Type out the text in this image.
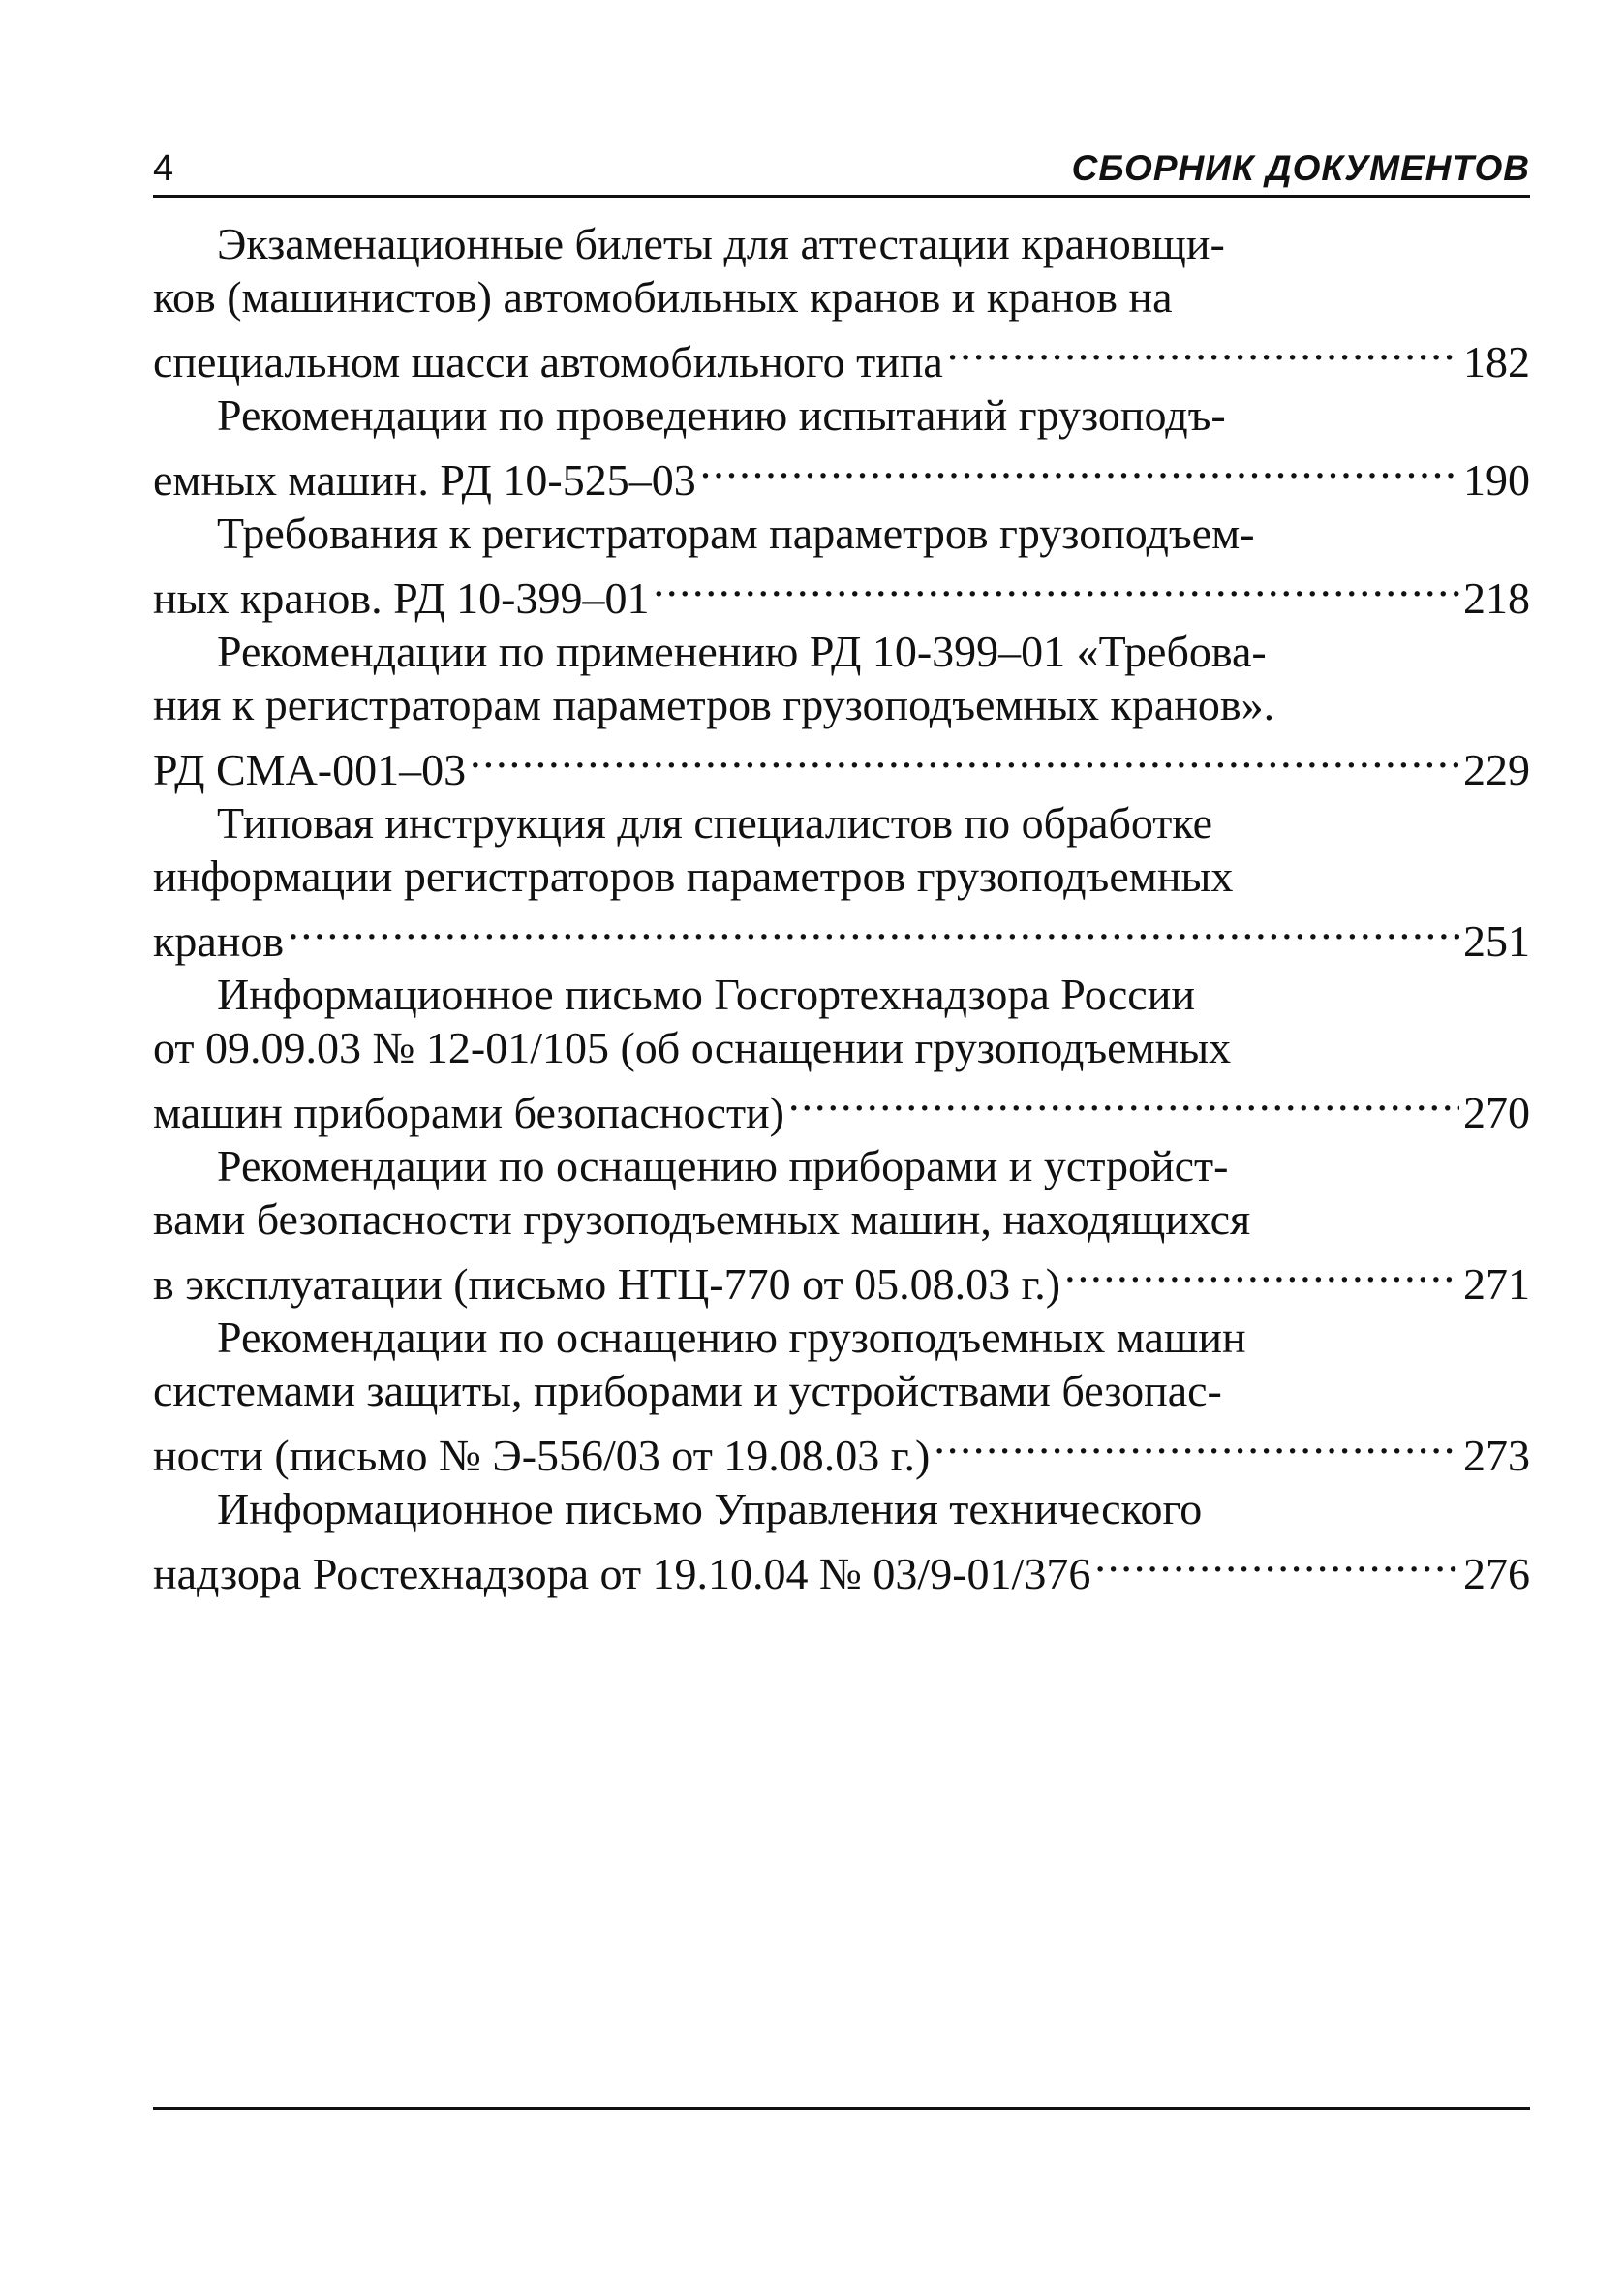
4	СБОРНИК ДОКУМЕНТОВ
Экзаменационные билеты для аттестации крановщи-
ков (машинистов) автомобильных кранов и кранов на
специальном шасси автомобильного типа .....	182
Рекомендации по проведению испытаний грузоподъ-
емных машин. РД 10-525–03 .....	190
Требования к регистраторам параметров грузоподъем-
ных кранов. РД 10-399–01 .....	218
Рекомендации по применению РД 10-399–01 «Требова-
ния к регистраторам параметров грузоподъемных кранов».
РД СМА-001–03 .....	229
Типовая инструкция для специалистов по обработке
информации регистраторов параметров грузоподъемных
кранов .....	251
Информационное письмо Госгортехнадзора России
от 09.09.03 № 12-01/105 (об оснащении грузоподъемных
машин приборами безопасности) .....	270
Рекомендации по оснащению приборами и устройст-
вами безопасности грузоподъемных машин, находящихся
в эксплуатации (письмо НТЦ-770 от 05.08.03 г.) .....	271
Рекомендации по оснащению грузоподъемных машин
системами защиты, приборами и устройствами безопас-
ности (письмо № Э-556/03 от 19.08.03 г.) .....	273
Информационное письмо Управления технического
надзора Ростехнадзора от 19.10.04 № 03/9-01/376 .....	276
